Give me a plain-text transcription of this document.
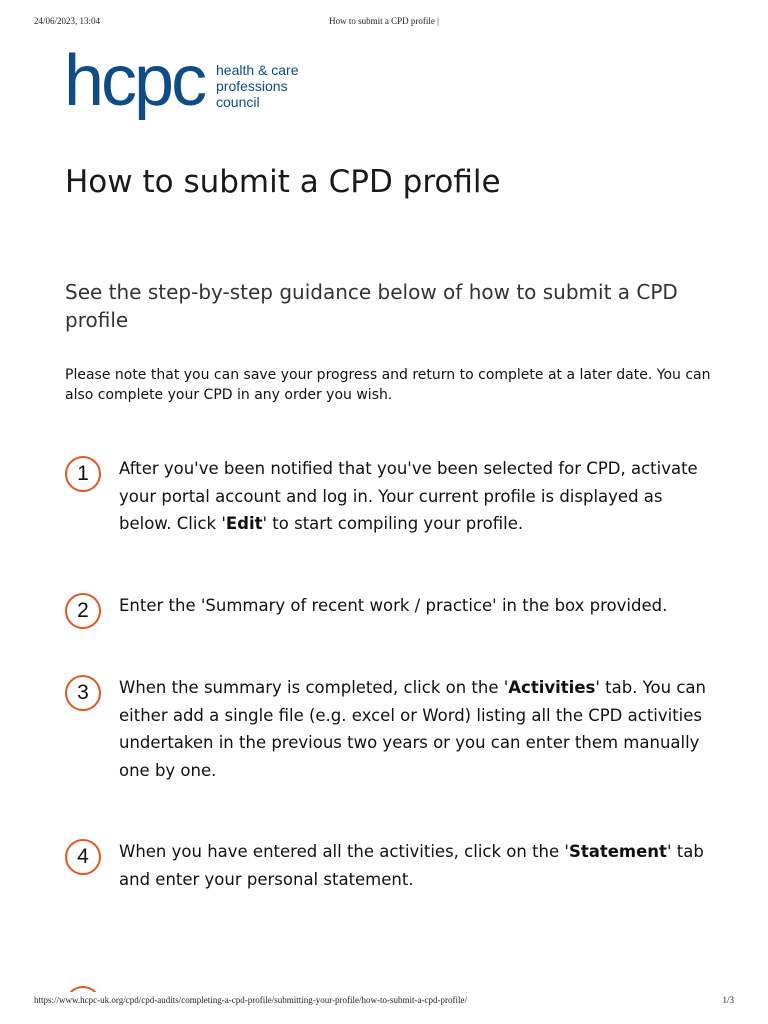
24/06/2023, 13:04	How to submit a CPD profile |
hcpc health & care
professions
council
How to submit a CPD profile

See the step-by-step guidance below of how to submit a CPD profile

Please note that you can save your progress and return to complete at a later date. You can also complete your CPD in any order you wish.

1	After you've been notified that you've been selected for CPD, activate your portal account and log in. Your current profile is displayed as below. Click 'Edit' to start compiling your profile.

2	Enter the 'Summary of recent work / practice' in the box provided.

3	When the summary is completed, click on the 'Activities' tab. You can either add a single file (e.g. excel or Word) listing all the CPD activities undertaken in the previous two years or you can enter them manually one by one.

4	When you have entered all the activities, click on the 'Statement' tab and enter your personal statement.

https://www.hcpc-uk.org/cpd/cpd-audits/completing-a-cpd-profile/submitting-your-profile/how-to-submit-a-cpd-profile/	1/3
